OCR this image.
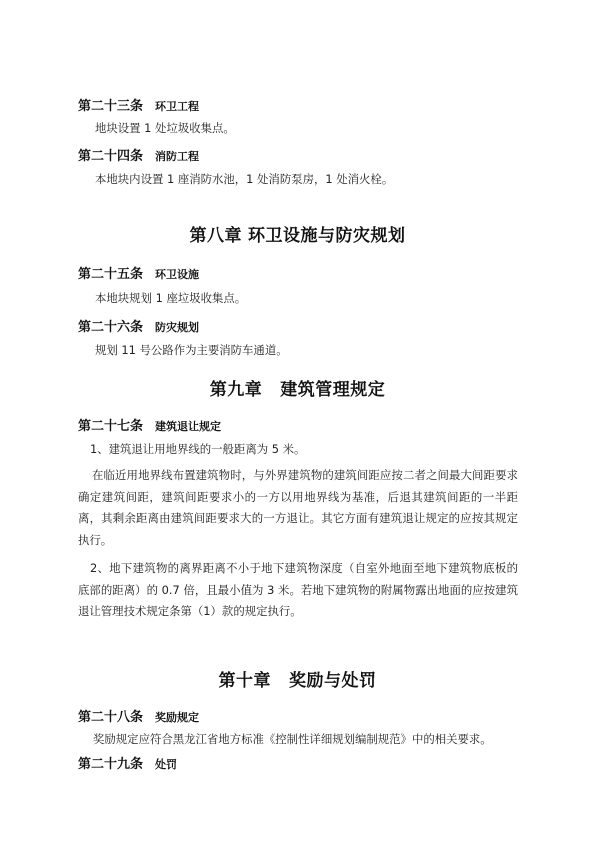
第二十三条 环卫工程

地块设置 1 处垃圾收集点。

第二十四条 消防工程

本地块内设置 1 座消防水池，1 处消防泵房，1 处消火栓。

第八章 环卫设施与防灾规划
第二十五条 环卫设施

本地块规划 1 座垃圾收集点。

第二十六条 防灾规划

规划 11 号公路作为主要消防车通道。

第九章 建筑管理规定
第二十七条 建筑退让规定

1、建筑退让用地界线的一般距离为 5 米。

在临近用地界线布置建筑物时，与外界建筑物的建筑间距应按二者之间最大间距要求确定建筑间距，建筑间距要求小的一方以用地界线为基准，后退其建筑间距的一半距离，其剩余距离由建筑间距要求大的一方退让。其它方面有建筑退让规定的应按其规定执行。

2、地下建筑物的离界距离不小于地下建筑物深度（自室外地面至地下建筑物底板的底部的距离）的 0.7 倍，且最小值为 3 米。若地下建筑物的附属物露出地面的应按建筑退让管理技术规定条第（1）款的规定执行。

第十章 奖励与处罚
第二十八条 奖励规定

奖励规定应符合黑龙江省地方标准《控制性详细规划编制规范》中的相关要求。

第二十九条 处罚
